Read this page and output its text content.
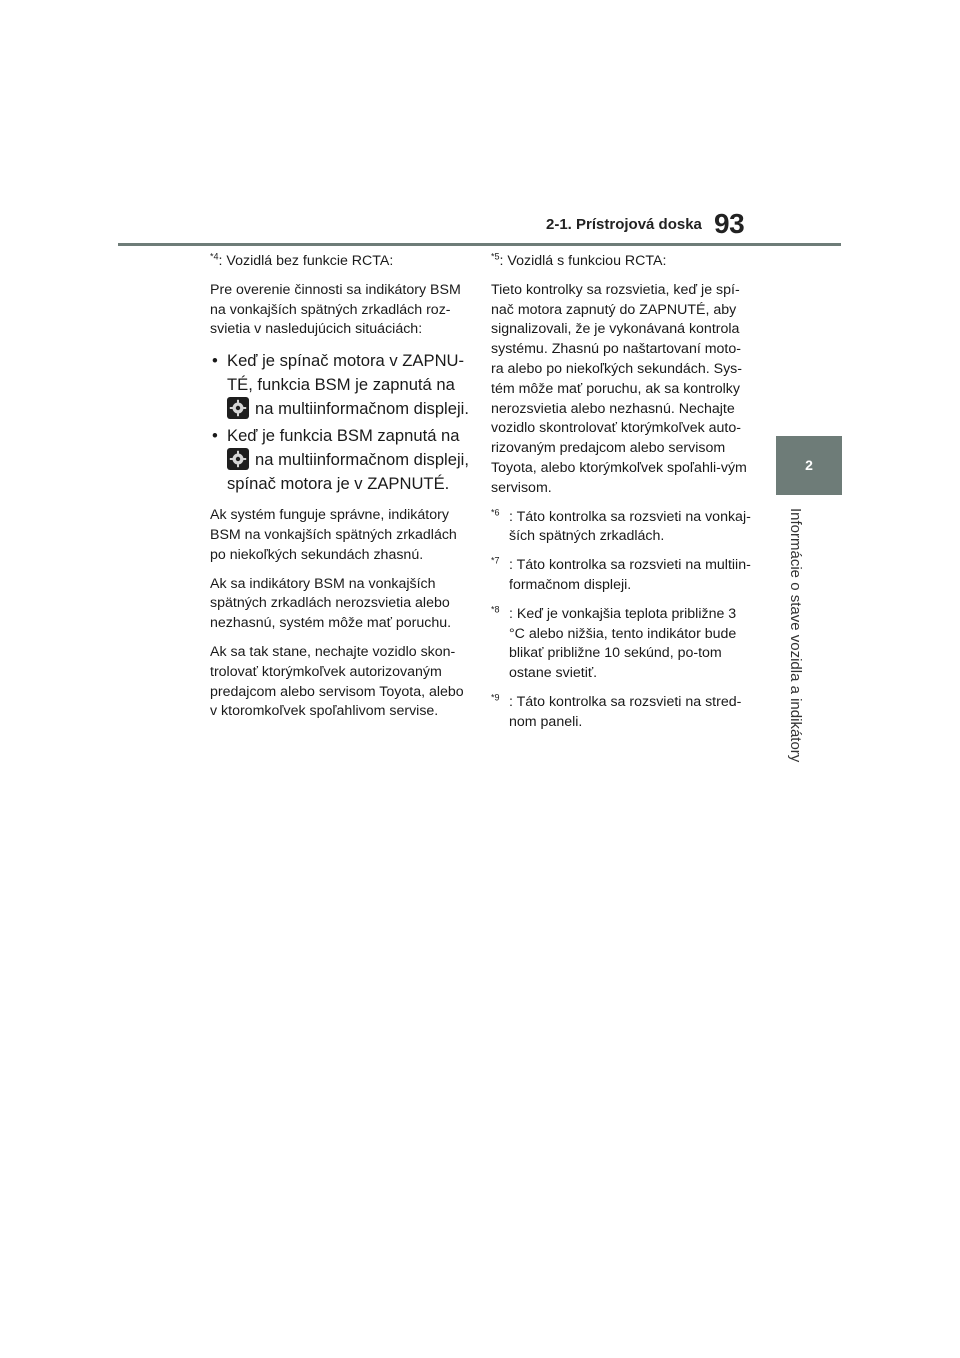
2-1. Prístrojová doska 93
2
Informácie o stave vozidla a indikátory

$^{*4}$: Vozidlá bez funkcie RCTA:

Pre overenie činnosti sa indikátory BSM na vonkajších spätných zrkadlách roz-svietia v nasledujúcich situáciách:

• Keď je spínač motora v ZAPNU-TÉ, funkcia BSM je zapnutá na
na multiinformačnom displeji.
• Keď je funkcia BSM zapnutá na
na multiinformačnom displeji,
spínač motora je v ZAPNUTÉ.

Ak systém funguje správne, indikátory BSM na vonkajších spätných zrkadlách po niekoľkých sekundách zhasnú.

Ak sa indikátory BSM na vonkajších spätných zrkadlách nerozsvietia alebo nezhasnú, systém môže mať poruchu.

Ak sa tak stane, nechajte vozidlo skon-trolovať ktorýmkoľvek autorizovaným predajcom alebo servisom Toyota, alebo v ktoromkoľvek spoľahlivom servise.

$^{*5}$: Vozidlá s funkciou RCTA:

Tieto kontrolky sa rozsvietia, keď je spí-nač motora zapnutý do ZAPNUTÉ, aby signalizovali, že je vykonávaná kontrola systému. Zhasnú po naštartovaní moto-ra alebo po niekoľkých sekundách. Sys-tém môže mať poruchu, ak sa kontrolky nerozsvietia alebo nezhasnú. Nechajte vozidlo skontrolovať ktorýmkoľvek auto-rizovaným predajcom alebo servisom Toyota, alebo ktorýmkoľvek spoľahli-vým servisom.

$^{*6}$ : Táto kontrolka sa rozsvieti na vonkaj-ších spätných zrkadlách.

$^{*7}$ : Táto kontrolka sa rozsvieti na multiin-formačnom displeji.

$^{*8}$ : Keď je vonkajšia teplota približne 3 °C alebo nižšia, tento indikátor bude blikať približne 10 sekúnd, po-tom ostane svietiť.

$^{*9}$ : Táto kontrolka sa rozsvieti na stred-nom paneli.
